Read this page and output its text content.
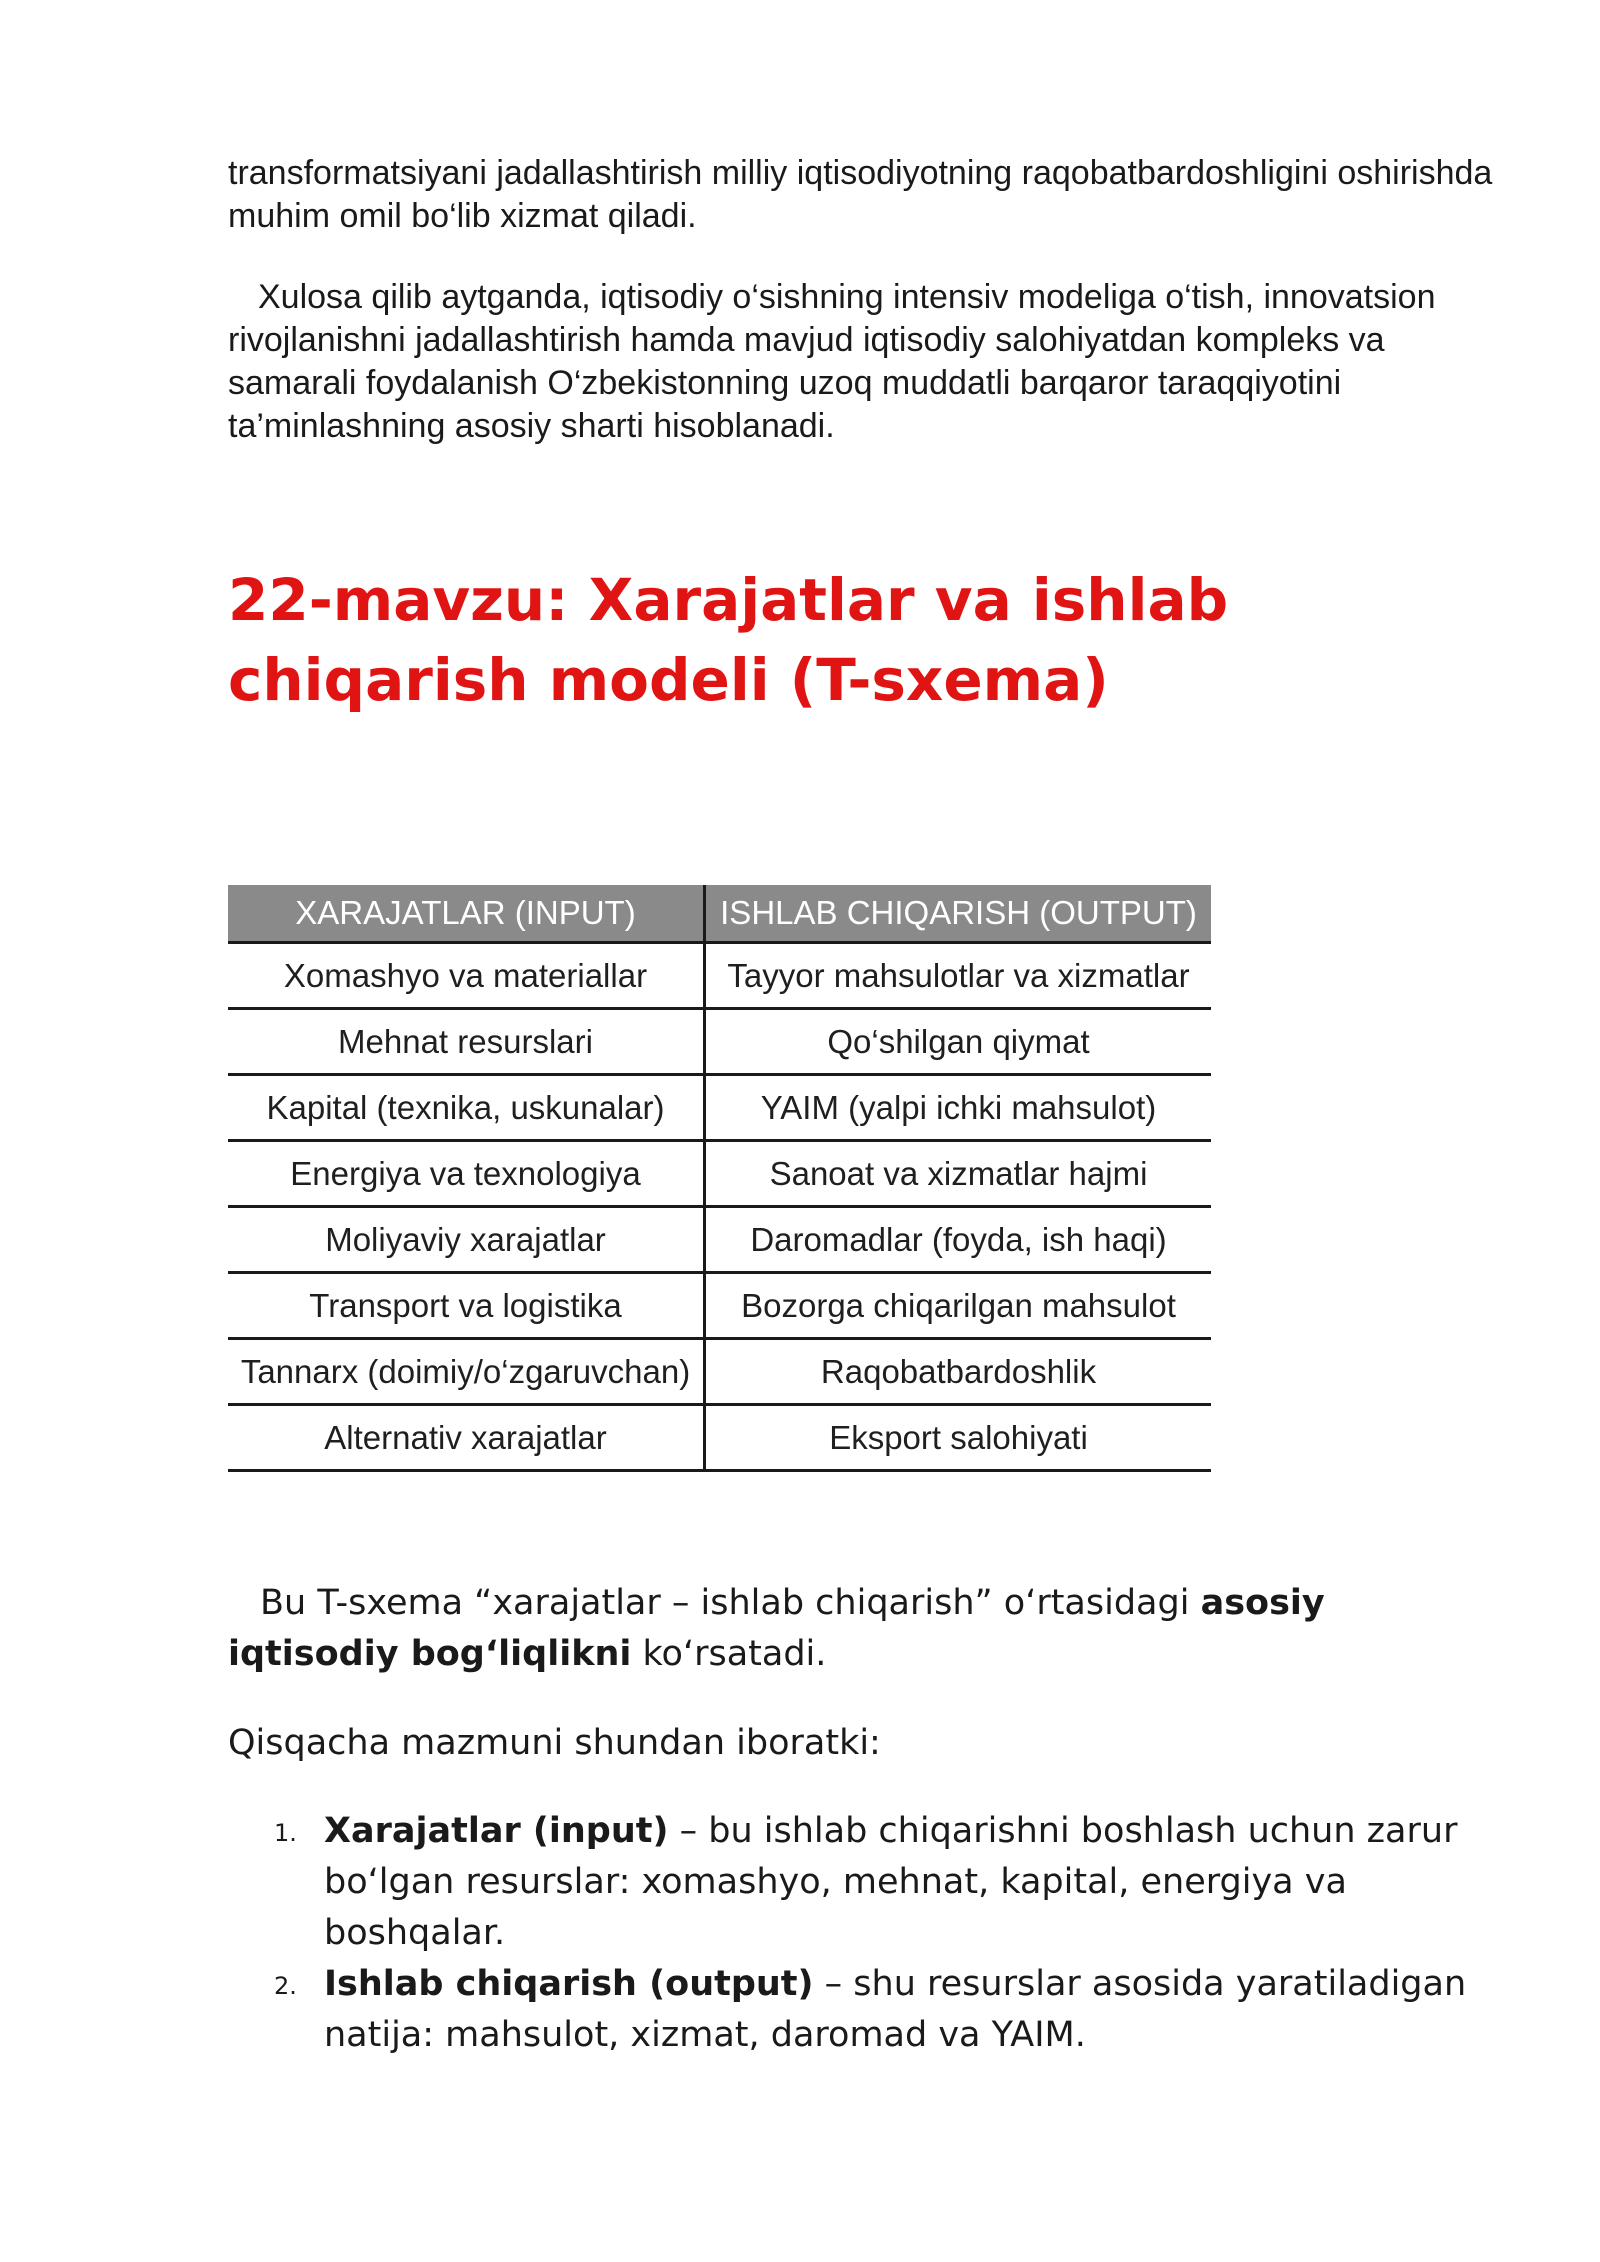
transformatsiyani jadallashtirish milliy iqtisodiyotning raqobatbardoshligini oshirishda muhim omil bo‘lib xizmat qiladi.

Xulosa qilib aytganda, iqtisodiy o‘sishning intensiv modeliga o‘tish, innovatsion rivojlanishni jadallashtirish hamda mavjud iqtisodiy salohiyatdan kompleks va samarali foydalanish O‘zbekistonning uzoq muddatli barqaror taraqqiyotini ta’minlashning asosiy sharti hisoblanadi.

22-mavzu: Xarajatlar va ishlab chiqarish modeli (T-sxema)
XARAJATLAR (INPUT)	ISHLAB CHIQARISH (OUTPUT)
Xomashyo va materiallar	Tayyor mahsulotlar va xizmatlar
Mehnat resurslari	Qo‘shilgan qiymat
Kapital (texnika, uskunalar)	YAIM (yalpi ichki mahsulot)
Energiya va texnologiya	Sanoat va xizmatlar hajmi
Moliyaviy xarajatlar	Daromadlar (foyda, ish haqi)
Transport va logistika	Bozorga chiqarilgan mahsulot
Tannarx (doimiy/o‘zgaruvchan)	Raqobatbardoshlik
Alternativ xarajatlar	Eksport salohiyati

Bu T-sxema “xarajatlar – ishlab chiqarish” o‘rtasidagi asosiy iqtisodiy bog‘liqlikni ko‘rsatadi.

Qisqacha mazmuni shundan iboratki:

1. Xarajatlar (input) – bu ishlab chiqarishni boshlash uchun zarur bo‘lgan resurslar: xomashyo, mehnat, kapital, energiya va boshqalar.
2. Ishlab chiqarish (output) – shu resurslar asosida yaratiladigan natija: mahsulot, xizmat, daromad va YAIM.
